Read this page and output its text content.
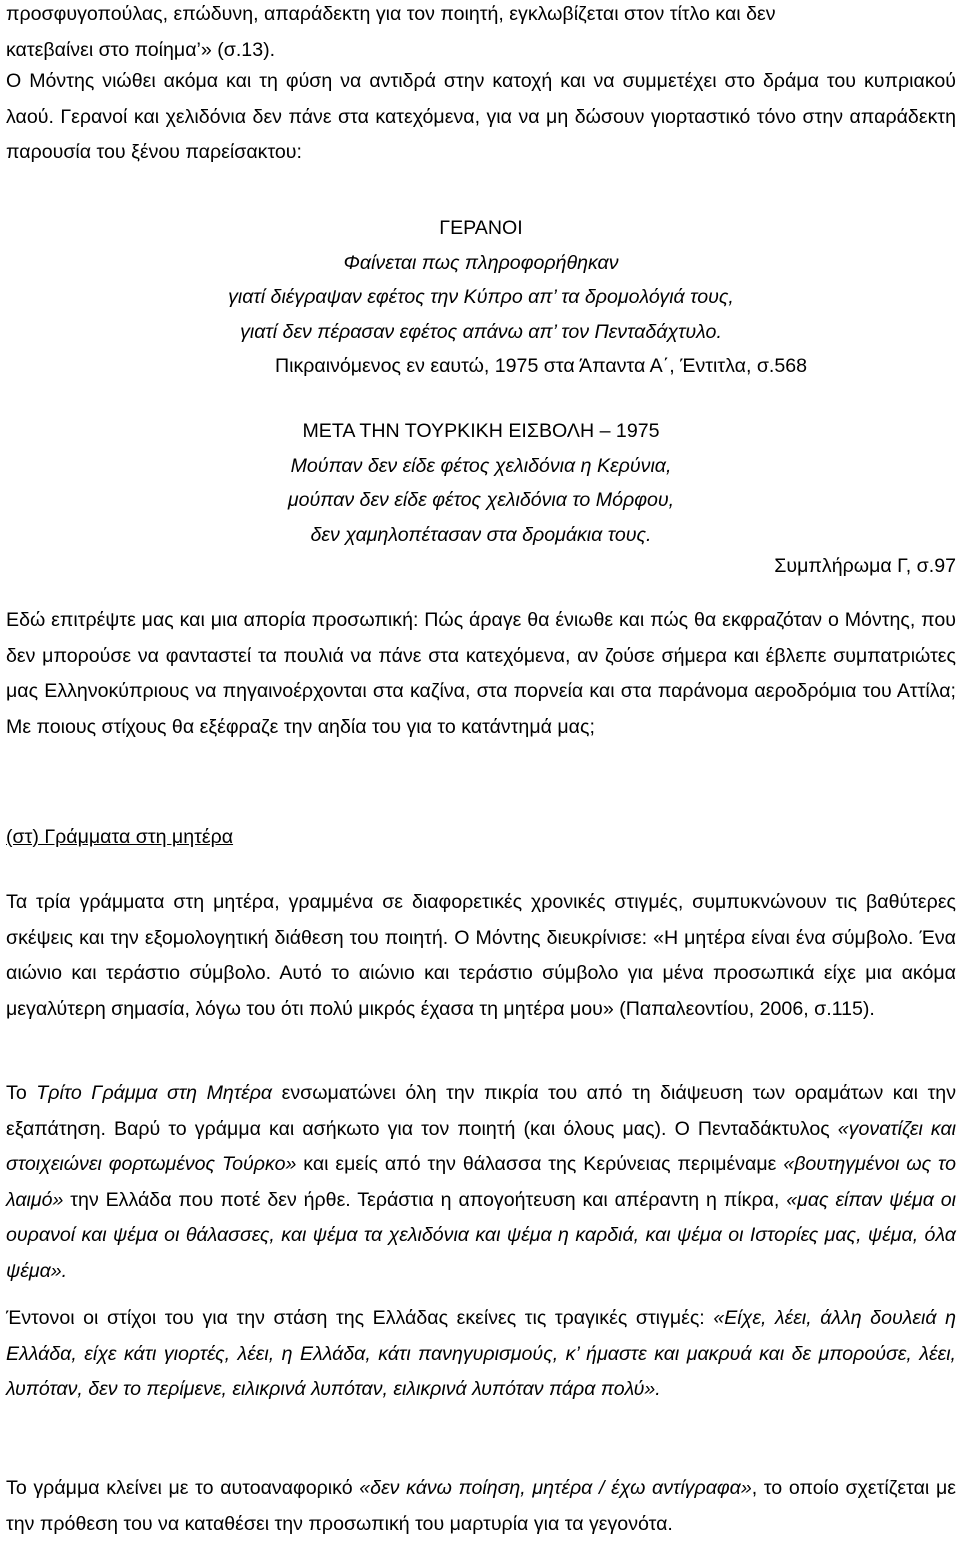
προσφυγοπούλας, επώδυνη, απαράδεκτη για τον ποιητή, εγκλωβίζεται στον τίτλο και δεν
κατεβαίνει στο ποίημα’» (σ.13).

Ο Μόντης νιώθει ακόμα και τη φύση να αντιδρά στην κατοχή και να συμμετέχει στο δράμα του κυπριακού λαού. Γερανοί και χελιδόνια δεν πάνε στα κατεχόμενα, για να μη δώσουν γιορταστικό τόνο στην απαράδεκτη παρουσία του ξένου παρείσακτου:

ΓΕΡΑΝΟΙ
Φαίνεται πως πληροφορήθηκαν
γιατί διέγραψαν εφέτος την Κύπρο απ’ τα δρομολόγιά τους,
γιατί δεν πέρασαν εφέτος απάνω απ’ τον Πενταδάχτυλο.
Πικραινόμενος εν εαυτώ, 1975 στα Άπαντα Α΄, Έντιτλα, σ.568
ΜΕΤΑ ΤΗΝ ΤΟΥΡΚΙΚΗ ΕΙΣΒΟΛΗ – 1975
Μούπαν δεν είδε φέτος χελιδόνια η Κερύνια,
μούπαν δεν είδε φέτος χελιδόνια το Μόρφου,
δεν χαμηλοπέτασαν στα δρομάκια τους.
Συμπλήρωμα Γ, σ.97

Εδώ επιτρέψτε μας και μια απορία προσωπική: Πώς άραγε θα ένιωθε και πώς θα εκφραζόταν ο Μόντης, που δεν μπορούσε να φανταστεί τα πουλιά να πάνε στα κατεχόμενα, αν ζούσε σήμερα και έβλεπε συμπατριώτες μας Ελληνοκύπριους να πηγαινοέρχονται στα καζίνα, στα πορνεία και στα παράνομα αεροδρόμια του Αττίλα; Με ποιους στίχους θα εξέφραζε την αηδία του για το κατάντημά μας;

(στ) Γράμματα στη μητέρα

Τα τρία γράμματα στη μητέρα, γραμμένα σε διαφορετικές χρονικές στιγμές, συμπυκνώνουν τις βαθύτερες σκέψεις και την εξομολογητική διάθεση του ποιητή. Ο Μόντης διευκρίνισε: «Η μητέρα είναι ένα σύμβολο. Ένα αιώνιο και τεράστιο σύμβολο. Αυτό το αιώνιο και τεράστιο σύμβολο για μένα προσωπικά είχε μια ακόμα μεγαλύτερη σημασία, λόγω του ότι πολύ μικρός έχασα τη μητέρα μου» (Παπαλεοντίου, 2006, σ.115).

Το Τρίτο Γράμμα στη Μητέρα ενσωματώνει όλη την πικρία του από τη διάψευση των οραμάτων και την εξαπάτηση. Βαρύ το γράμμα και ασήκωτο για τον ποιητή (και όλους μας). Ο Πενταδάκτυλος «γονατίζει και στοιχειώνει φορτωμένος Τούρκο» και εμείς από την θάλασσα της Κερύνειας περιμέναμε «βουτηγμένοι ως το λαιμό» την Ελλάδα που ποτέ δεν ήρθε. Τεράστια η απογοήτευση και απέραντη η πίκρα, «μας είπαν ψέμα οι ουρανοί και ψέμα οι θάλασσες, και ψέμα τα χελιδόνια και ψέμα η καρδιά, και ψέμα οι Ιστορίες μας, ψέμα, όλα ψέμα».

Έντονοι οι στίχοι του για την στάση της Ελλάδας εκείνες τις τραγικές στιγμές: «Είχε, λέει, άλλη δουλειά η Ελλάδα, είχε κάτι γιορτές, λέει, η Ελλάδα, κάτι πανηγυρισμούς, κ’ ήμαστε και μακρυά και δε μπορούσε, λέει, λυπόταν, δεν το περίμενε, ειλικρινά λυπόταν, ειλικρινά λυπόταν πάρα πολύ».

Το γράμμα κλείνει με το αυτοαναφορικό «δεν κάνω ποίηση, μητέρα / έχω αντίγραφα», το οποίο σχετίζεται με την πρόθεση του να καταθέσει την προσωπική του μαρτυρία για τα γεγονότα.
